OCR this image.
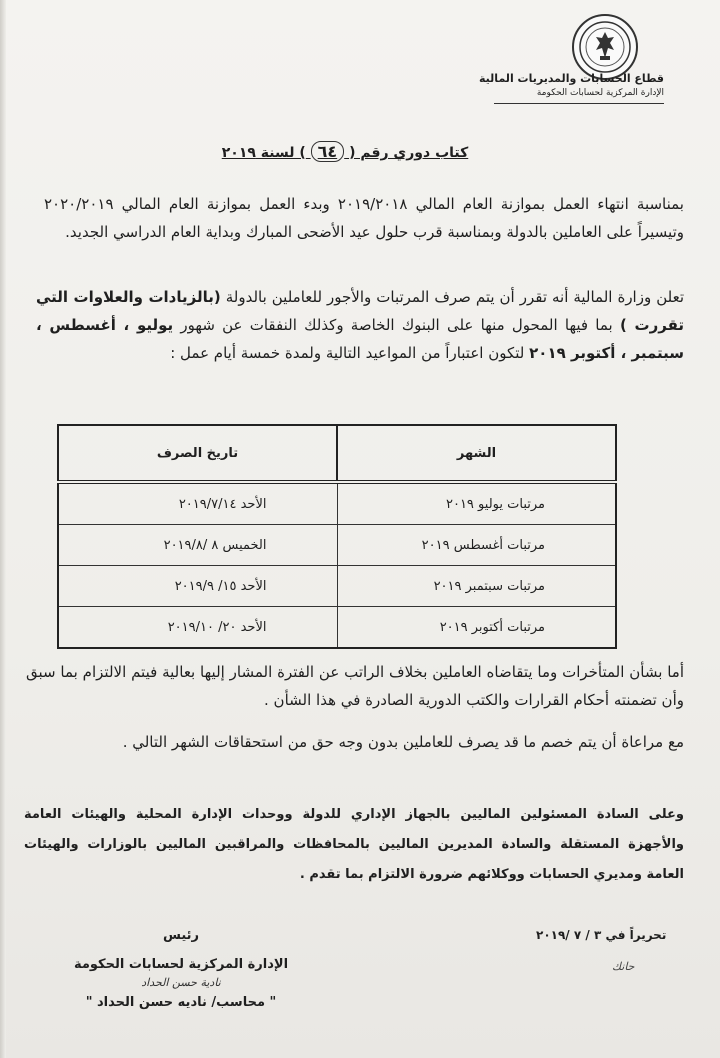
قطاع الحسابات والمديريات المالية
الإدارة المركزية لحسابات الحكومة
كتاب دوري رقم ( ٦٤ ) لسنة ٢٠١٩
بمناسبة انتهاء العمل بموازنة العام المالي ٢٠١٩/٢٠١٨ وبدء العمل بموازنة العام المالي ٢٠٢٠/٢٠١٩ وتيسيراً على العاملين بالدولة وبمناسبة قرب حلول عيد الأضحى المبارك وبداية العام الدراسي الجديد.
تعلن وزارة المالية أنه تقرر أن يتم صرف المرتبات والأجور للعاملين بالدولة (بالزيادات والعلاوات التي تقررت ) بما فيها المحول منها على البنوك الخاصة وكذلك النفقات عن شهور يوليو ، أغسطس ، سبتمبر ، أكتوبر ٢٠١٩ لتكون اعتباراً من المواعيد التالية ولمدة خمسة أيام عمل :
الشهر	تاريخ الصرف
مرتبات يوليو ٢٠١٩	الأحد ٢٠١٩/٧/١٤
مرتبات أغسطس ٢٠١٩	الخميس ٨ /٢٠١٩/٨
مرتبات سبتمبر ٢٠١٩	الأحد ١٥/ ٢٠١٩/٩
مرتبات أكتوبر ٢٠١٩	الأحد ٢٠/ ٢٠١٩/١٠
أما بشأن المتأخرات وما يتقاضاه العاملين بخلاف الراتب عن الفترة المشار إليها بعالية فيتم الالتزام بما سبق وأن تضمنته أحكام القرارات والكتب الدورية الصادرة في هذا الشأن .
مع مراعاة أن يتم خصم ما قد يصرف للعاملين بدون وجه حق من استحقاقات الشهر التالي .
وعلى السادة المسئولين الماليين بالجهاز الإداري للدولة ووحدات الإدارة المحلية والهيئات العامة والأجهزة المستقلة والسادة المديرين الماليين بالمحافظات والمراقبين الماليين بالوزارات والهيئات العامة ومديري الحسابات ووكلائهم ضرورة الالتزام بما تقدم .
تحريراً في ٣ / ٧ /٢٠١٩
حانك
رئيس
الإدارة المركزية لحسابات الحكومة
نادية حسن الحداد
" محاسب/ ناديه حسن الحداد "
